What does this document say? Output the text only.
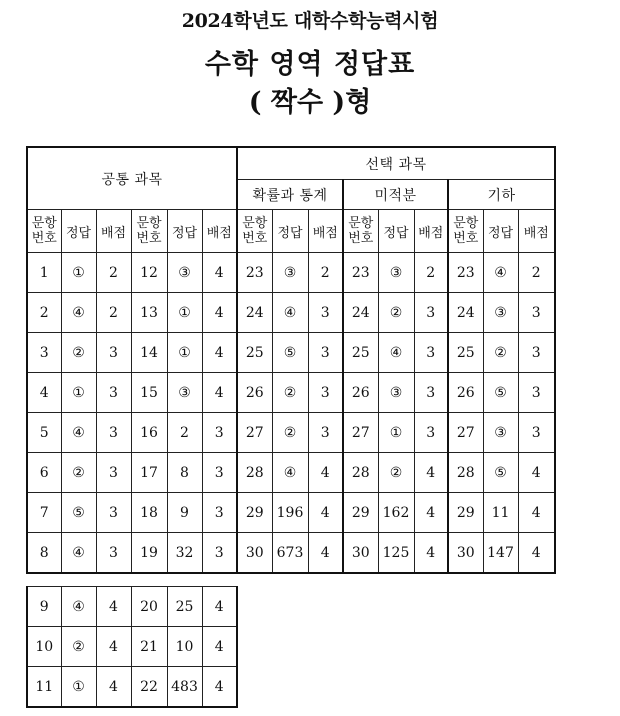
2024학년도 대학수학능력시험
수학 영역 정답표
( 짝수 )형
공통 과목						선택 과목								
						확률과 통계			미적분			기하		
문항 번호	정답	배점	문항 번호	정답	배점	문항 번호	정답	배점	문항 번호	정답	배점	문항 번호	정답	배점
1	①	2	12	③	4	23	③	2	23	③	2	23	④	2
2	④	2	13	①	4	24	④	3	24	②	3	24	③	3
3	②	3	14	①	4	25	⑤	3	25	④	3	25	②	3
4	①	3	15	③	4	26	②	3	26	③	3	26	⑤	3
5	④	3	16	2	3	27	②	3	27	①	3	27	③	3
6	②	3	17	8	3	28	④	4	28	②	4	28	⑤	4
7	⑤	3	18	9	3	29	196	4	29	162	4	29	11	4
8	④	3	19	32	3	30	673	4	30	125	4	30	147	4
9	④	4	20	25	4
10	②	4	21	10	4
11	①	4	22	483	4
